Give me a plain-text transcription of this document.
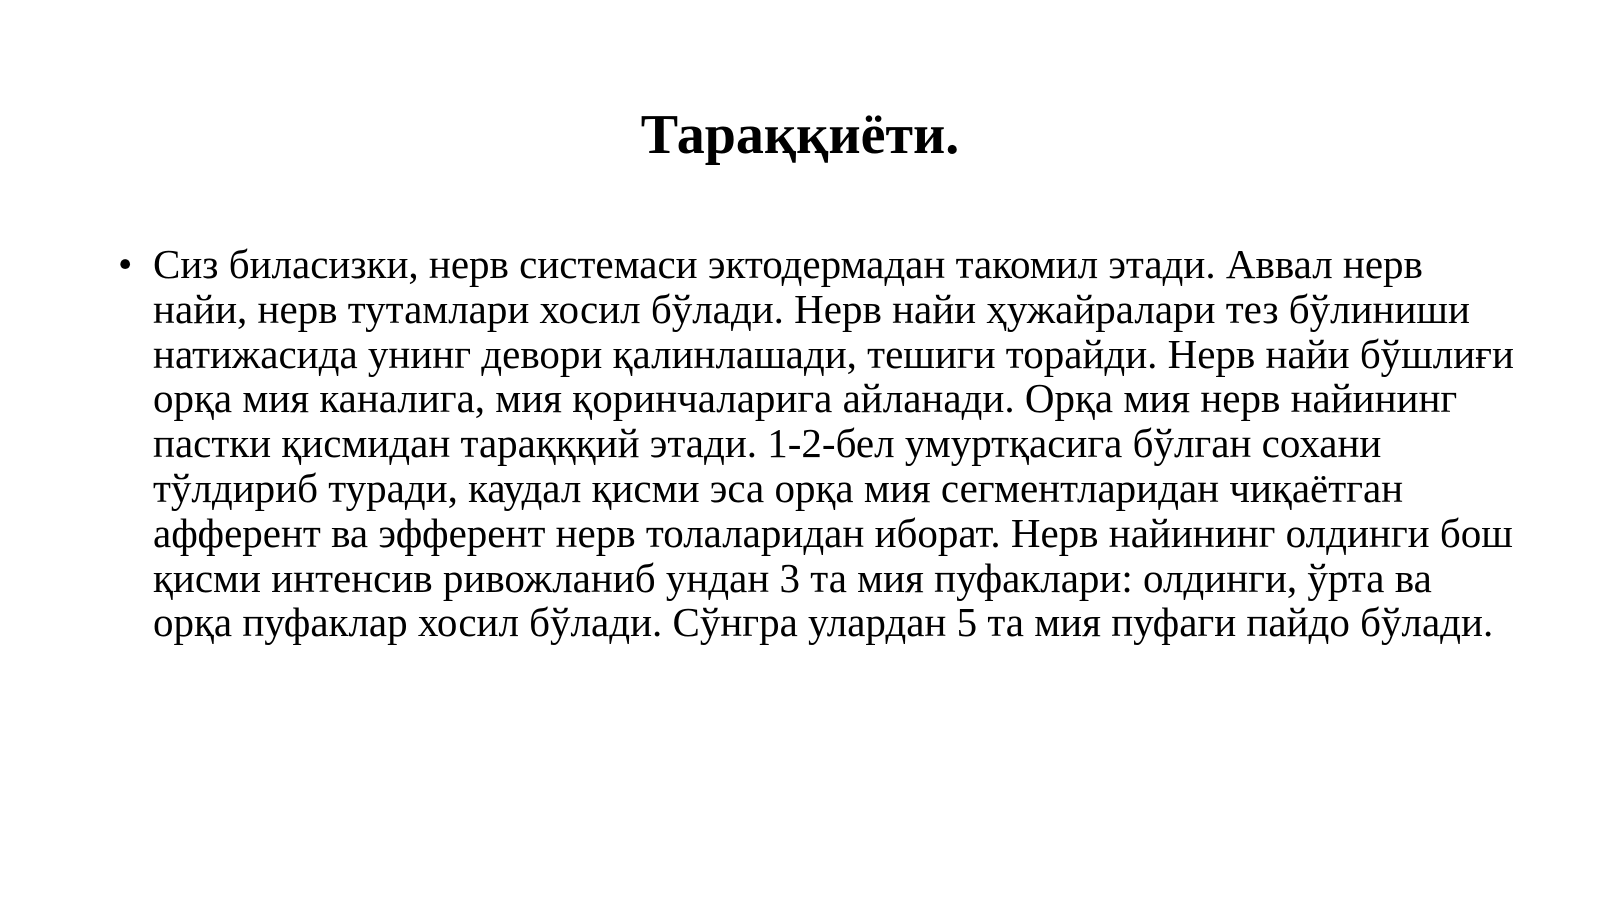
Тараққиёти.
• Сиз биласизки, нерв системаси эктодермадан такомил этади. Аввал нерв найи, нерв тутамлари хосил бўлади. Нерв найи ҳужайралари тез бўлиниши натижасида унинг девори қалинлашади, тешиги торайди. Нерв найи бўшлиғи орқа мия каналига, мия қоринчаларига айланади. Орқа мия нерв найининг пастки қисмидан тарақққий этади. 1-2-бел умуртқасига бўлган сохани тўлдириб туради, каудал қисми эса орқа мия сегментларидан чиқаётган афферент ва эфферент нерв толаларидан иборат. Нерв найининг олдинги бош қисми интенсив ривожланиб ундан 3 та мия пуфаклари: олдинги, ўрта ва орқа пуфаклар хосил бўлади. Сўнгра улардан 5 та мия пуфаги пайдо бўлади.
